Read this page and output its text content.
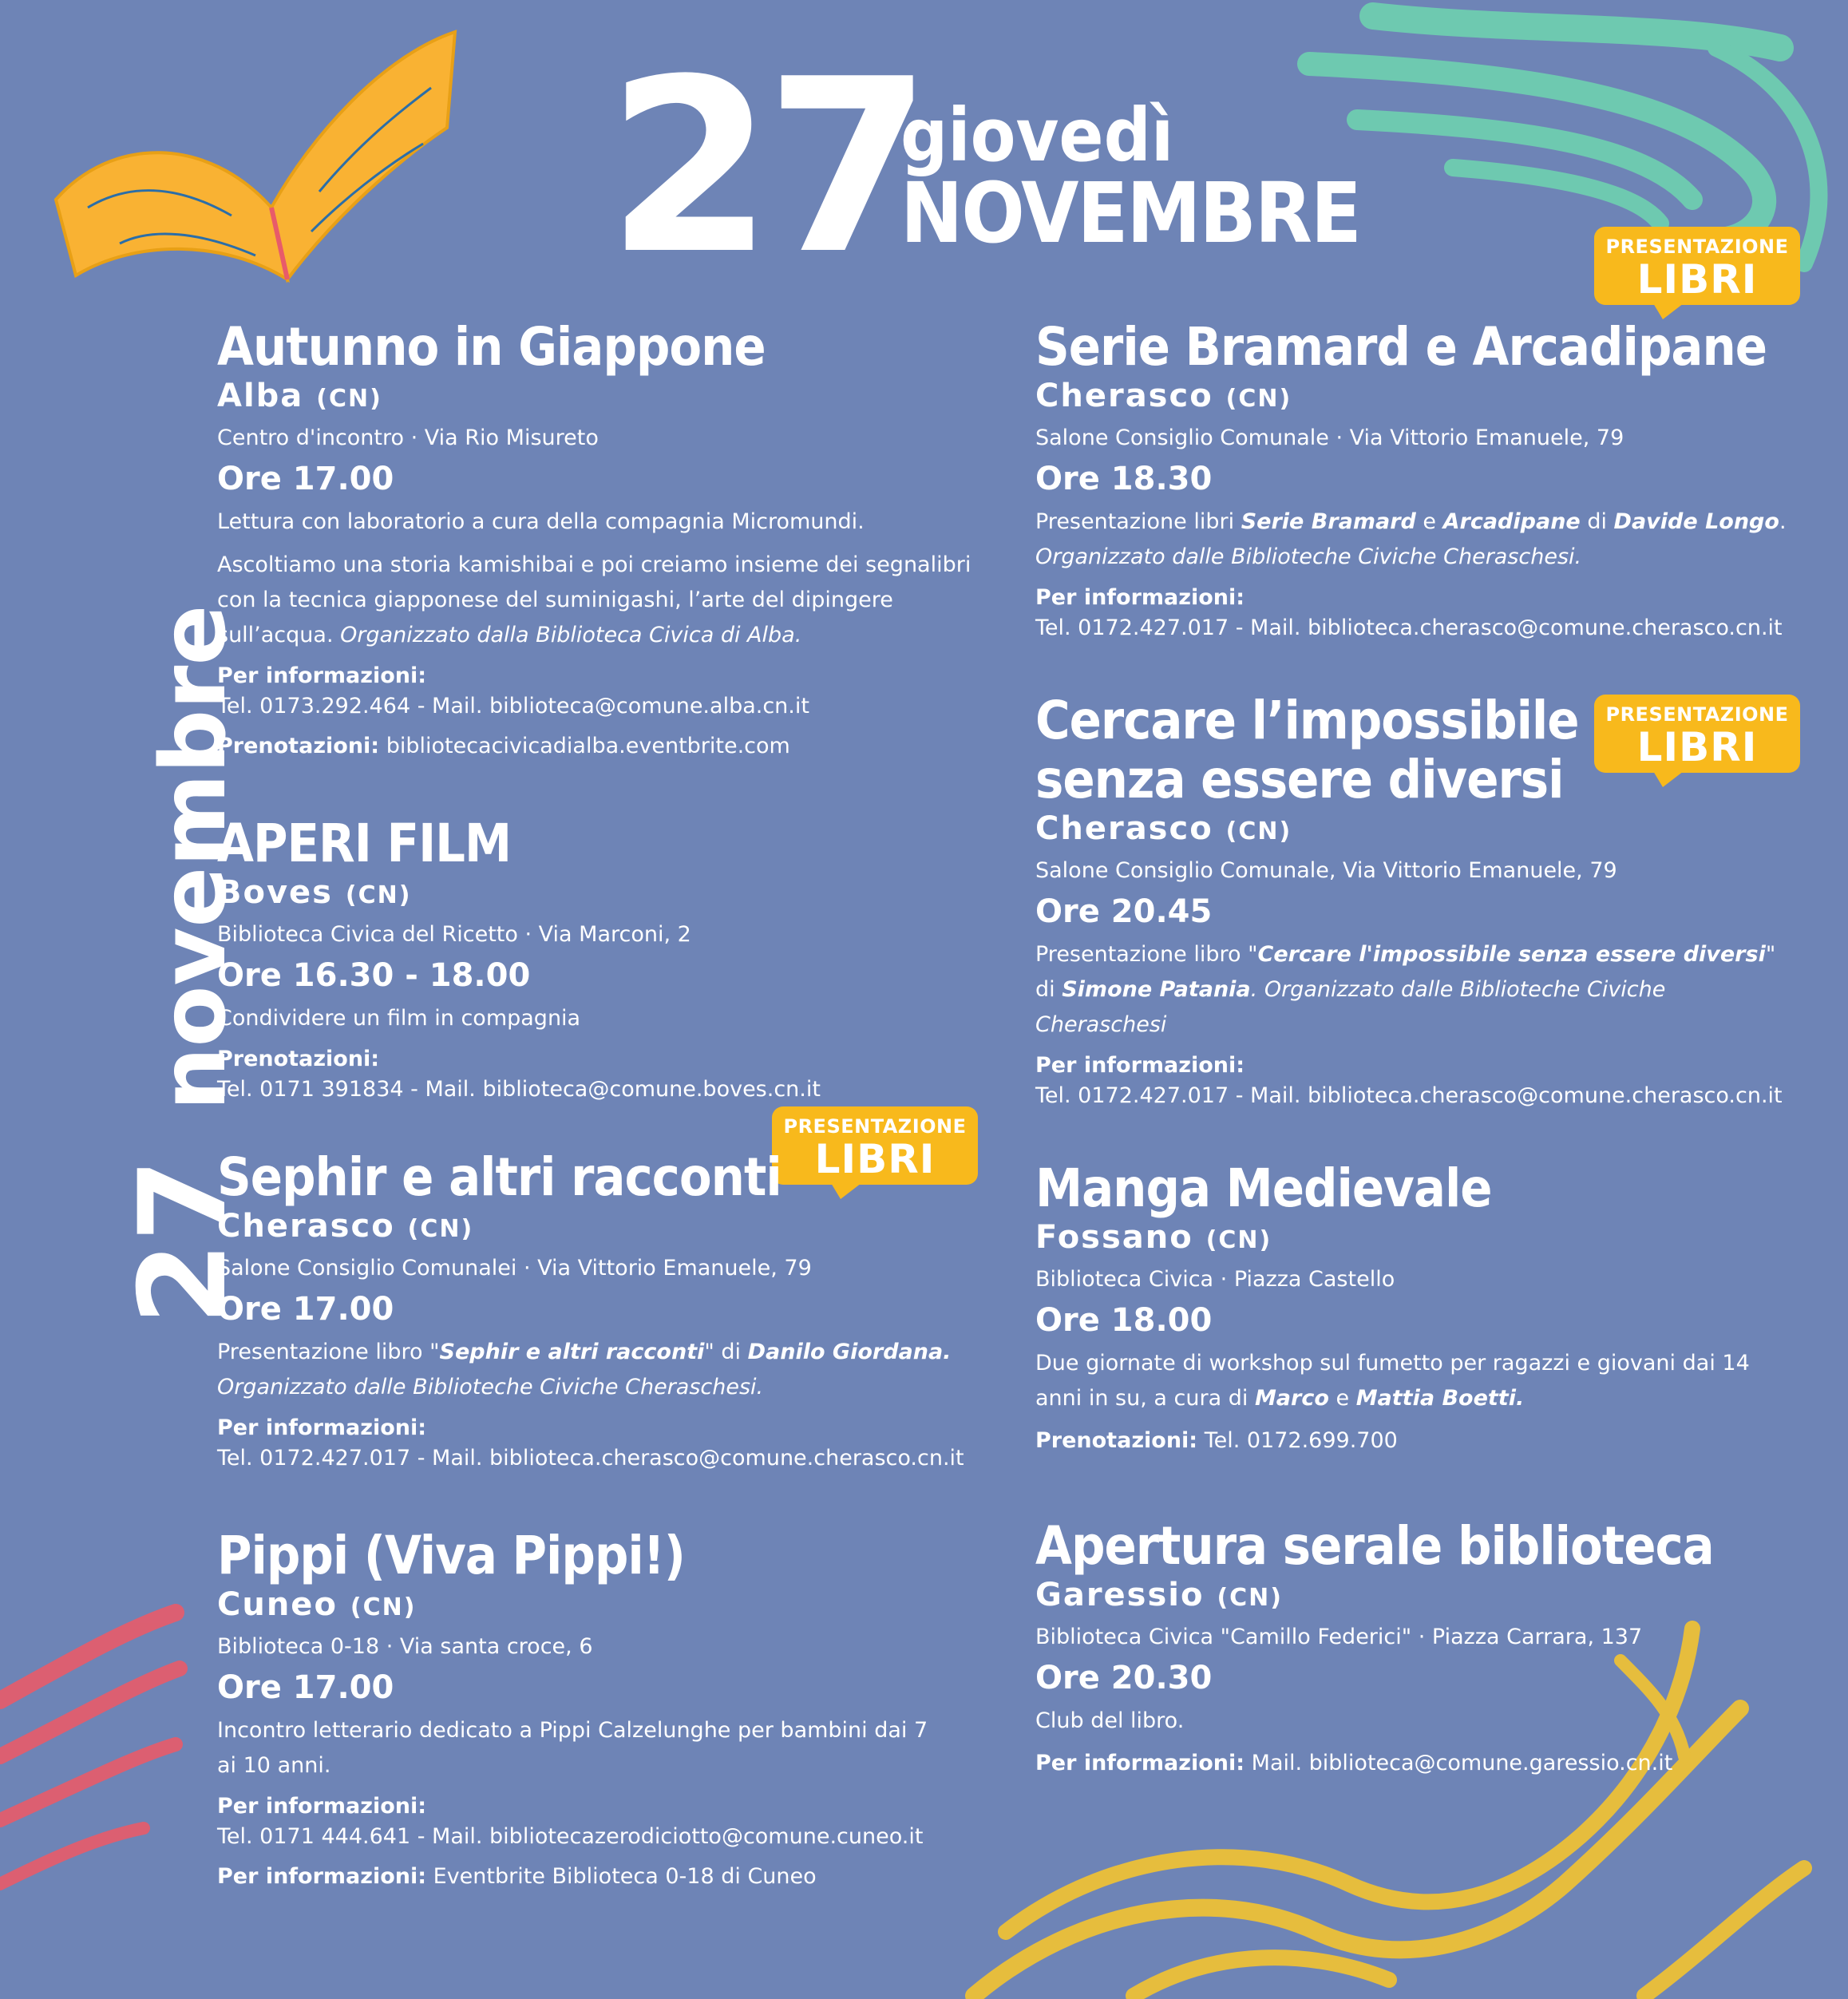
27
giovedì
NOVEMBRE
27novembre
PRESENTAZIONE
LIBRI
PRESENTAZIONE
LIBRI
PRESENTAZIONE
LIBRI
Autunno in Giappone
Alba (CN)
Centro d'incontro · Via Rio Misureto
Ore 17.00
Lettura con laboratorio a cura della compagnia Micromundi.
Ascoltiamo una storia kamishibai e poi creiamo insieme dei segnalibri con la tecnica giapponese del suminigashi, l’arte del dipingere sull’acqua. Organizzato dalla Biblioteca Civica di Alba.
Per informazioni:
Tel. 0173.292.464 - Mail. biblioteca@comune.alba.cn.it
Prenotazioni: bibliotecacivicadialba.eventbrite.com
APERI FILM
Boves (CN)
Biblioteca Civica del Ricetto · Via Marconi, 2
Ore 16.30 - 18.00
Condividere un film in compagnia
Prenotazioni:
Tel. 0171 391834 - Mail. biblioteca@comune.boves.cn.it
Sephir e altri racconti
Cherasco (CN)
Salone Consiglio Comunalei · Via Vittorio Emanuele, 79
Ore 17.00
Presentazione libro "Sephir e altri racconti" di Danilo Giordana.
Organizzato dalle Biblioteche Civiche Cheraschesi.
Per informazioni:
Tel. 0172.427.017 - Mail. biblioteca.cherasco@comune.cherasco.cn.it
Pippi (Viva Pippi!)
Cuneo (CN)
Biblioteca 0-18 · Via santa croce, 6
Ore 17.00
Incontro letterario dedicato a Pippi Calzelunghe per bambini dai 7 ai 10 anni.
Per informazioni:
Tel. 0171 444.641 - Mail. bibliotecazerodiciotto@comune.cuneo.it
Per informazioni: Eventbrite Biblioteca 0-18 di Cuneo
Serie Bramard e Arcadipane
Cherasco (CN)
Salone Consiglio Comunale · Via Vittorio Emanuele, 79
Ore 18.30
Presentazione libri Serie Bramard e Arcadipane di Davide Longo.
Organizzato dalle Biblioteche Civiche Cheraschesi.
Per informazioni:
Tel. 0172.427.017 - Mail. biblioteca.cherasco@comune.cherasco.cn.it
Cercare l’impossibile
senza essere diversi
Cherasco (CN)
Salone Consiglio Comunale, Via Vittorio Emanuele, 79
Ore 20.45
Presentazione libro "Cercare l'impossibile senza essere diversi" di Simone Patania. Organizzato dalle Biblioteche Civiche Cheraschesi
Per informazioni:
Tel. 0172.427.017 - Mail. biblioteca.cherasco@comune.cherasco.cn.it
Manga Medievale
Fossano (CN)
Biblioteca Civica · Piazza Castello
Ore 18.00
Due giornate di workshop sul fumetto per ragazzi e giovani dai 14 anni in su, a cura di Marco e Mattia Boetti.
Prenotazioni: Tel. 0172.699.700
Apertura serale biblioteca
Garessio (CN)
Biblioteca Civica "Camillo Federici" · Piazza Carrara, 137
Ore 20.30
Club del libro.
Per informazioni: Mail. biblioteca@comune.garessio.cn.it
